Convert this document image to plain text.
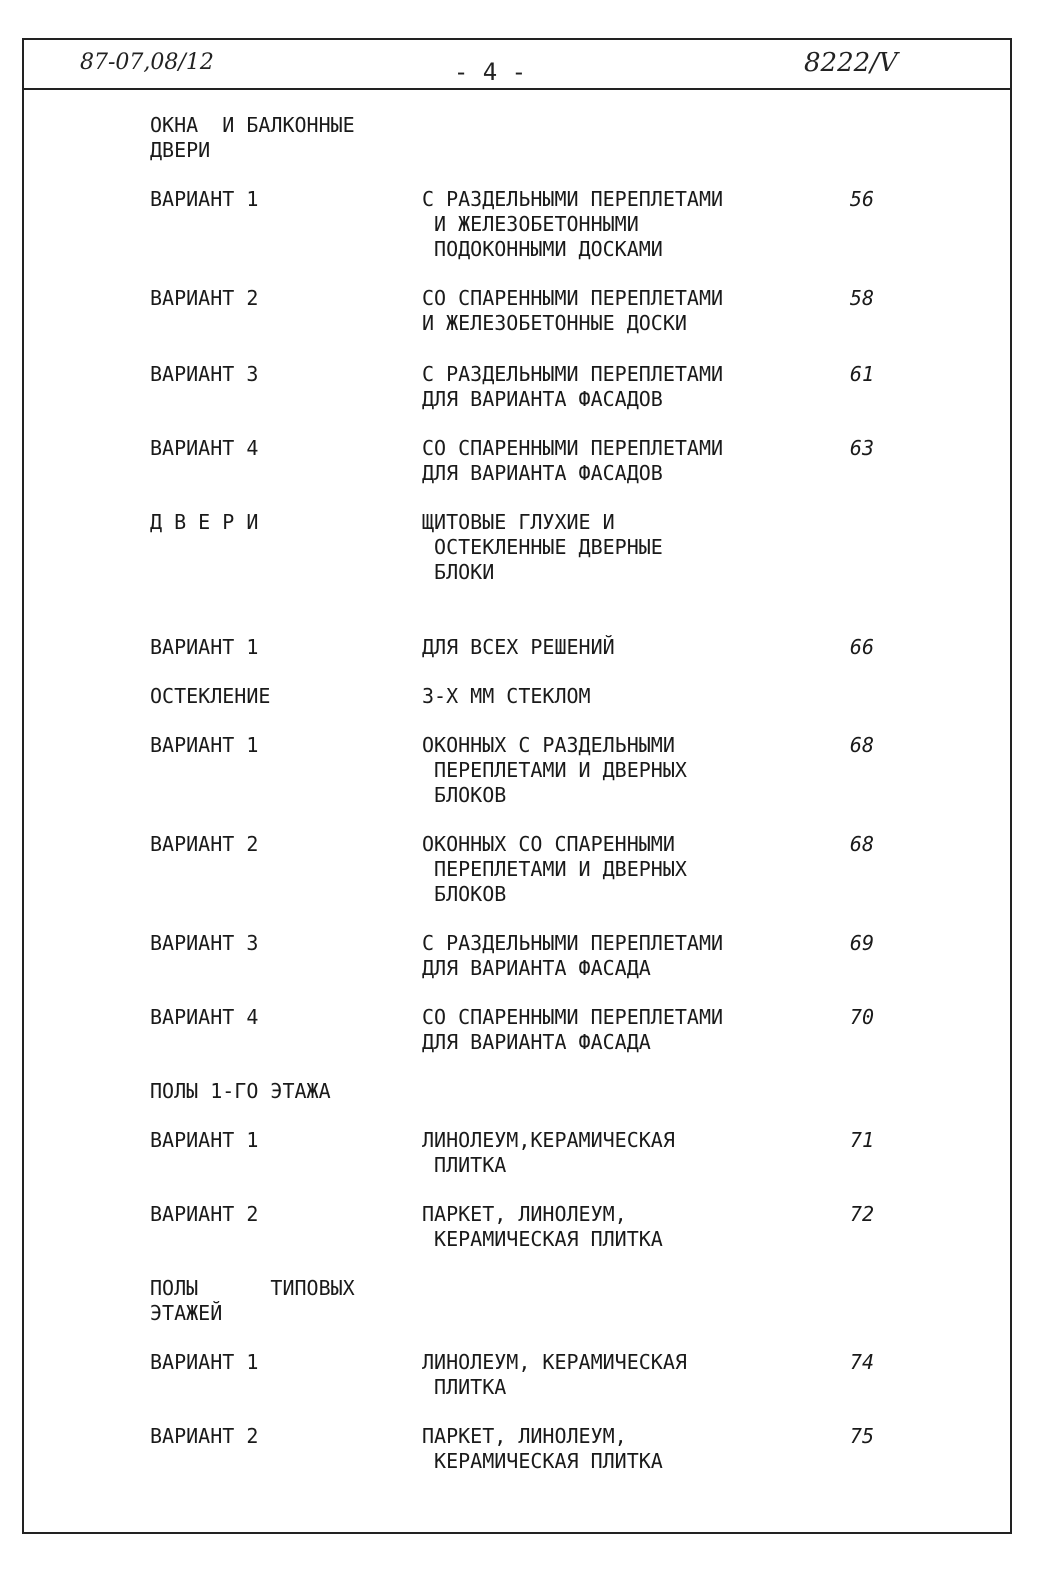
87-07,08/12	- 4 -	8222/V
ОКНА  И БАЛКОННЫЕ
ДВЕРИ
ВАРИАНТ 1	С РАЗДЕЛЬНЫМИ ПЕРЕПЛЕТАМИ
И ЖЕЛЕЗОБЕТОННЫМИ
ПОДОКОННЫМИ ДОСКАМИ
56
ВАРИАНТ 2	СО СПАРЕННЫМИ ПЕРЕПЛЕТАМИ
И ЖЕЛЕЗОБЕТОННЫЕ ДОСКИ
58
ВАРИАНТ 3	С РАЗДЕЛЬНЫМИ ПЕРЕПЛЕТАМИ
ДЛЯ ВАРИАНТА ФАСАДОВ
61
ВАРИАНТ 4	СО СПАРЕННЫМИ ПЕРЕПЛЕТАМИ
ДЛЯ ВАРИАНТА ФАСАДОВ
63
Д В Е Р И	ЩИТОВЫЕ ГЛУХИЕ И
ОСТЕКЛЕННЫЕ ДВЕРНЫЕ
БЛОКИ
ВАРИАНТ 1	ДЛЯ ВСЕХ РЕШЕНИЙ	66
ОСТЕКЛЕНИЕ	3-Х ММ СТЕКЛОМ
ВАРИАНТ 1	ОКОННЫХ С РАЗДЕЛЬНЫМИ
ПЕРЕПЛЕТАМИ И ДВЕРНЫХ
БЛОКОВ
68
ВАРИАНТ 2	ОКОННЫХ СО СПАРЕННЫМИ
ПЕРЕПЛЕТАМИ И ДВЕРНЫХ
БЛОКОВ
68
ВАРИАНТ 3	С РАЗДЕЛЬНЫМИ ПЕРЕПЛЕТАМИ
ДЛЯ ВАРИАНТА ФАСАДА
69
ВАРИАНТ 4	СО СПАРЕННЫМИ ПЕРЕПЛЕТАМИ
ДЛЯ ВАРИАНТА ФАСАДА
70
ПОЛЫ 1-ГО ЭТАЖА
ВАРИАНТ 1	ЛИНОЛЕУМ,КЕРАМИЧЕСКАЯ
ПЛИТКА
71
ВАРИАНТ 2	ПАРКЕТ, ЛИНОЛЕУМ,
КЕРАМИЧЕСКАЯ ПЛИТКА
72
ПОЛЫ      ТИПОВЫХ
ЭТАЖЕЙ
ВАРИАНТ 1	ЛИНОЛЕУМ, КЕРАМИЧЕСКАЯ
ПЛИТКА
74
ВАРИАНТ 2	ПАРКЕТ, ЛИНОЛЕУМ,
КЕРАМИЧЕСКАЯ ПЛИТКА
75
